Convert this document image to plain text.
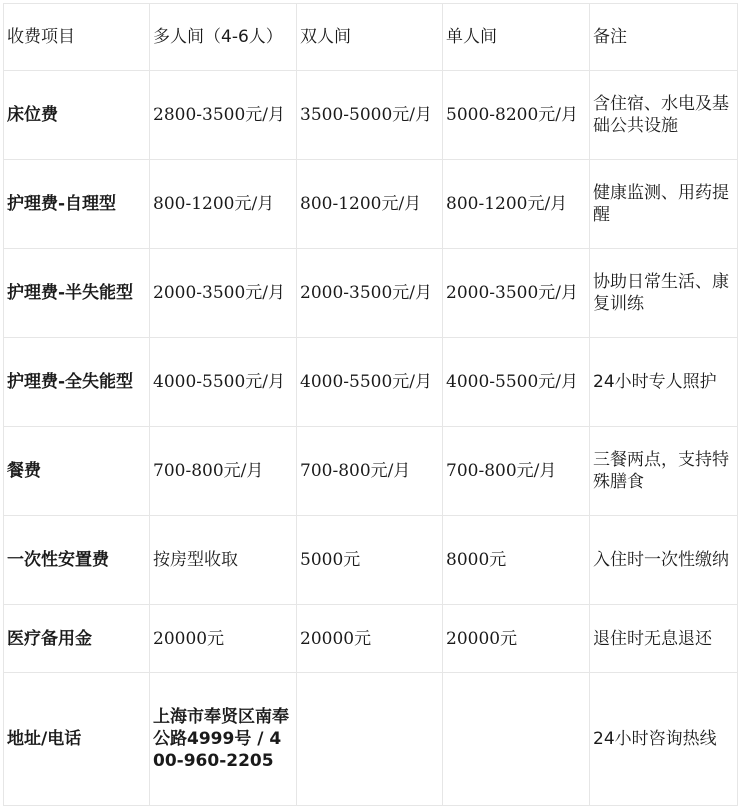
收费项目	多人间（4-6人）	双人间	单人间	备注
床位费	2800-3500元/月	3500-5000元/月	5000-8200元/月	含住宿、水电及基础公共设施
护理费-自理型	800-1200元/月	800-1200元/月	800-1200元/月	健康监测、用药提醒
护理费-半失能型	2000-3500元/月	2000-3500元/月	2000-3500元/月	协助日常生活、康复训练
护理费-全失能型	4000-5500元/月	4000-5500元/月	4000-5500元/月	24小时专人照护
餐费	700-800元/月	700-800元/月	700-800元/月	三餐两点，支持特殊膳食
一次性安置费	按房型收取	5000元	8000元	入住时一次性缴纳
医疗备用金	20000元	20000元	20000元	退住时无息退还
地址/电话	上海市奉贤区南奉公路4999号 / 400-960-2205			24小时咨询热线
